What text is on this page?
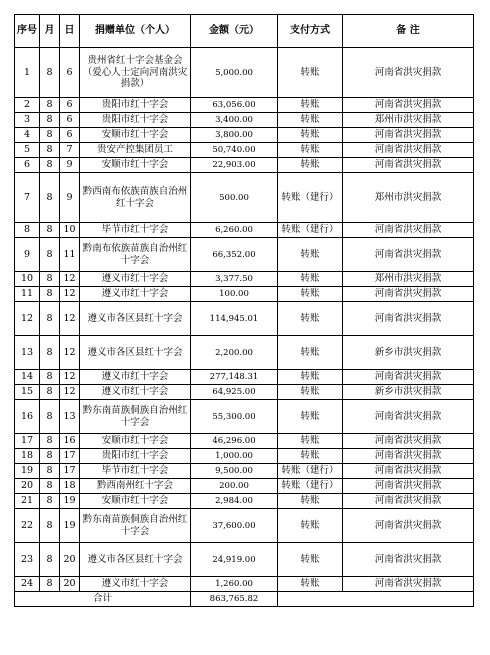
序号	月	日	捐赠单位（个人）	金额（元）	支付方式	备 注
1	8	6	贵州省红十字会基金会（爱心人士定向河南洪灾捐款）	5,000.00	转账	河南省洪灾捐款
2	8	6	贵阳市红十字会	63,056.00	转账	河南省洪灾捐款
3	8	6	贵阳市红十字会	3,400.00	转账	郑州市洪灾捐款
4	8	6	安顺市红十字会	3,800.00	转账	河南省洪灾捐款
5	8	7	贵安产控集团员工	50,740.00	转账	河南省洪灾捐款
6	8	9	安顺市红十字会	22,903.00	转账	河南省洪灾捐款
7	8	9	黔西南布依族苗族自治州红十字会	500.00	转账（建行）	郑州市洪灾捐款
8	8	10	毕节市红十字会	6,260.00	转账（建行）	河南省洪灾捐款
9	8	11	黔南布依族苗族自治州红十字会	66,352.00	转账	河南省洪灾捐款
10	8	12	遵义市红十字会	3,377.50	转账	郑州市洪灾捐款
11	8	12	遵义市红十字会	100.00	转账	河南省洪灾捐款
12	8	12	遵义市各区县红十字会	114,945.01	转账	河南省洪灾捐款
13	8	12	遵义市各区县红十字会	2,200.00	转账	新乡市洪灾捐款
14	8	12	遵义市红十字会	277,148.31	转账	河南省洪灾捐款
15	8	12	遵义市红十字会	64,925.00	转账	新乡市洪灾捐款
16	8	13	黔东南苗族侗族自治州红十字会	55,300.00	转账	河南省洪灾捐款
17	8	16	安顺市红十字会	46,296.00	转账	河南省洪灾捐款
18	8	17	贵阳市红十字会	1,000.00	转账	河南省洪灾捐款
19	8	17	毕节市红十字会	9,500.00	转账（建行）	河南省洪灾捐款
20	8	18	黔西南州红十字会	200.00	转账（建行）	河南省洪灾捐款
21	8	19	安顺市红十字会	2,984.00	转账	河南省洪灾捐款
22	8	19	黔东南苗族侗族自治州红十字会	37,600.00	转账	河南省洪灾捐款
23	8	20	遵义市各区县红十字会	24,919.00	转账	河南省洪灾捐款
24	8	20	遵义市红十字会	1,260.00	转账	河南省洪灾捐款
合计				863,765.82		
